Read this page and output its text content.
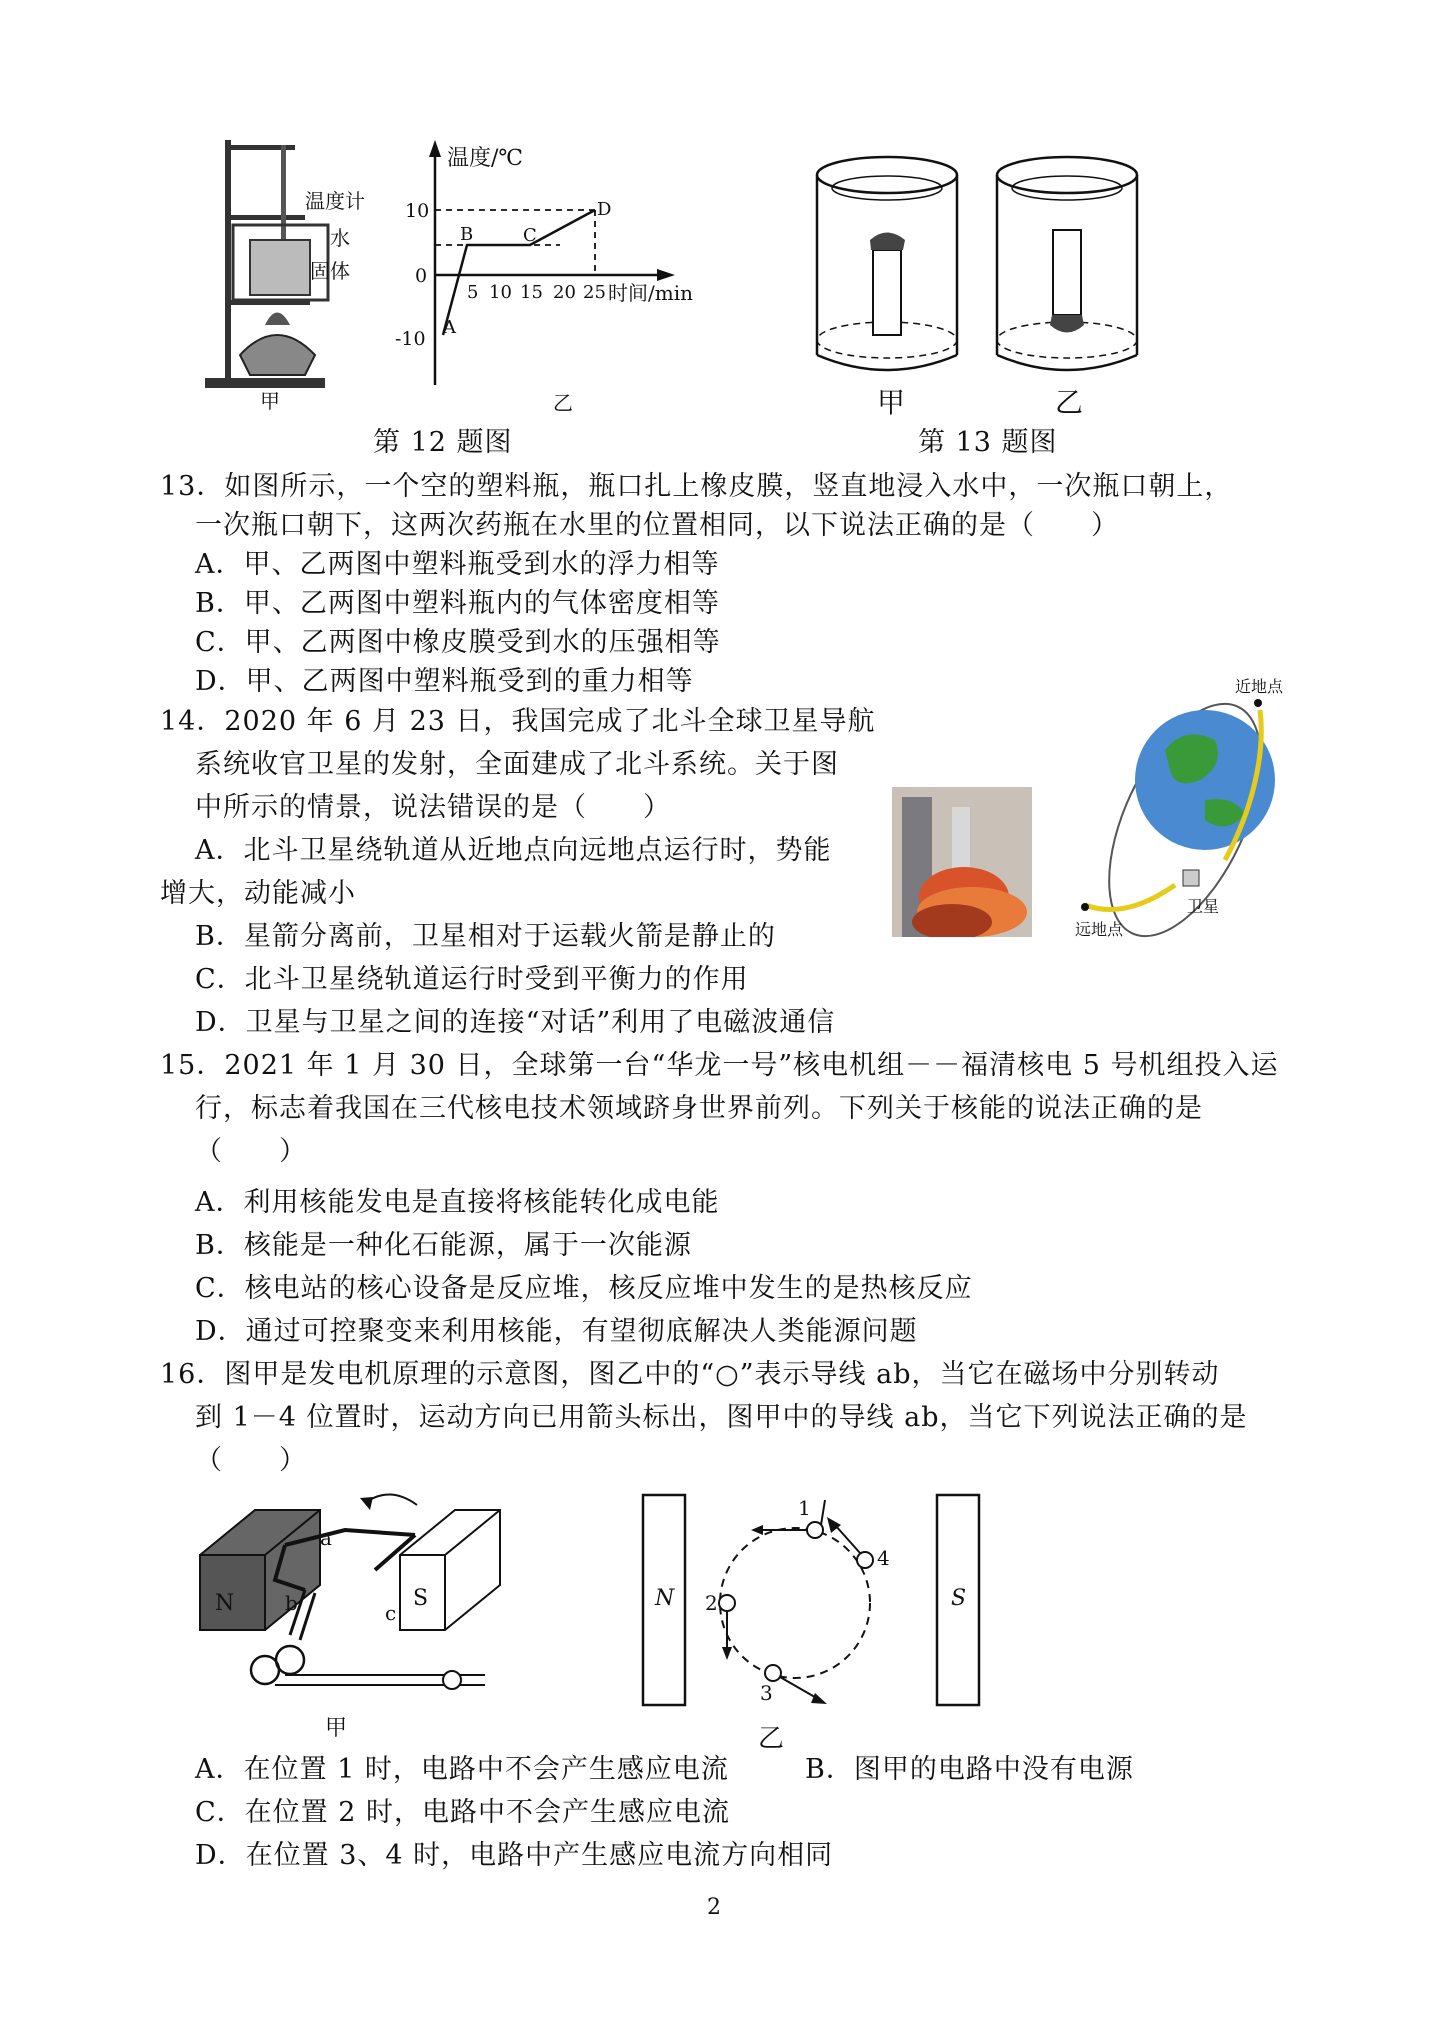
温度计
水
固体
甲
温度/℃
时间/min
10
0
-10
5 10 15 20 25
A
B	C
D
乙
第 12 题图
甲	乙
第 13 题图
13．如图所示，一个空的塑料瓶，瓶口扎上橡皮膜，竖直地浸入水中，一次瓶口朝上，
一次瓶口朝下，这两次药瓶在水里的位置相同，以下说法正确的是（　　）
A．甲、乙两图中塑料瓶受到水的浮力相等
B．甲、乙两图中塑料瓶内的气体密度相等
C．甲、乙两图中橡皮膜受到水的压强相等
D．甲、乙两图中塑料瓶受到的重力相等
14．2020 年 6 月 23 日，我国完成了北斗全球卫星导航
系统收官卫星的发射，全面建成了北斗系统。关于图
中所示的情景，说法错误的是（　　）
A．北斗卫星绕轨道从近地点向远地点运行时，势能
增大，动能减小
B．星箭分离前，卫星相对于运载火箭是静止的
C．北斗卫星绕轨道运行时受到平衡力的作用
D．卫星与卫星之间的连接“对话”利用了电磁波通信
近地点
卫星
远地点
15．2021 年 1 月 30 日，全球第一台“华龙一号”核电机组－－福清核电 5 号机组投入运
行，标志着我国在三代核电技术领域跻身世界前列。下列关于核能的说法正确的是
（　　）
A．利用核能发电是直接将核能转化成电能
B．核能是一种化石能源，属于一次能源
C．核电站的核心设备是反应堆，核反应堆中发生的是热核反应
D．通过可控聚变来利用核能，有望彻底解决人类能源问题
16．图甲是发电机原理的示意图，图乙中的“○”表示导线 ab，当它在磁场中分别转动
到 1－4 位置时，运动方向已用箭头标出，图甲中的导线 ab，当它下列说法正确的是
（　　）
a
b	c
N	S
甲
N	S
1
2
3
4
乙
A．在位置 1 时，电路中不会产生感应电流	B．图甲的电路中没有电源
C．在位置 2 时，电路中不会产生感应电流
D．在位置 3、4 时，电路中产生感应电流方向相同
2
